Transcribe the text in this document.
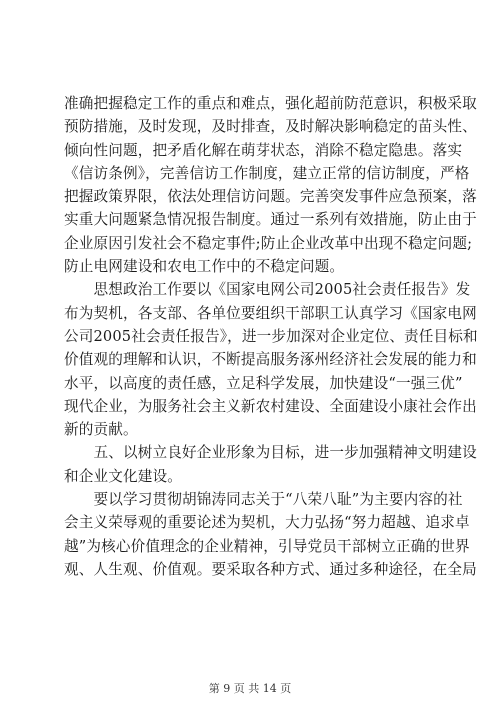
准确把握稳定工作的重点和难点，强化超前防范意识，积极采取
预防措施，及时发现，及时排查，及时解决影响稳定的苗头性、
倾向性问题，把矛盾化解在萌芽状态，消除不稳定隐患。落实
《信访条例》，完善信访工作制度，建立正常的信访制度，严格
把握政策界限，依法处理信访问题。完善突发事件应急预案，落
实重大问题紧急情况报告制度。通过一系列有效措施，防止由于
企业原因引发社会不稳定事件;防止企业改革中出现不稳定问题;
防止电网建设和农电工作中的不稳定问题。

　　思想政治工作要以《国家电网公司2005社会责任报告》发
布为契机，各支部、各单位要组织干部职工认真学习《国家电网
公司2005社会责任报告》，进一步加深对企业定位、责任目标和
价值观的理解和认识，不断提高服务涿州经济社会发展的能力和
水平，以高度的责任感，立足科学发展，加快建设“一强三优”
现代企业，为服务社会主义新农村建设、全面建设小康社会作出
新的贡献。

　　五、以树立良好企业形象为目标，进一步加强精神文明建设
和企业文化建设。

　　要以学习贯彻胡锦涛同志关于“八荣八耻”为主要内容的社
会主义荣辱观的重要论述为契机，大力弘扬“努力超越、追求卓
越”为核心价值理念的企业精神，引导党员干部树立正确的世界
观、人生观、价值观。要采取各种方式、通过多种途径，在全局

第 9 页 共 14 页
